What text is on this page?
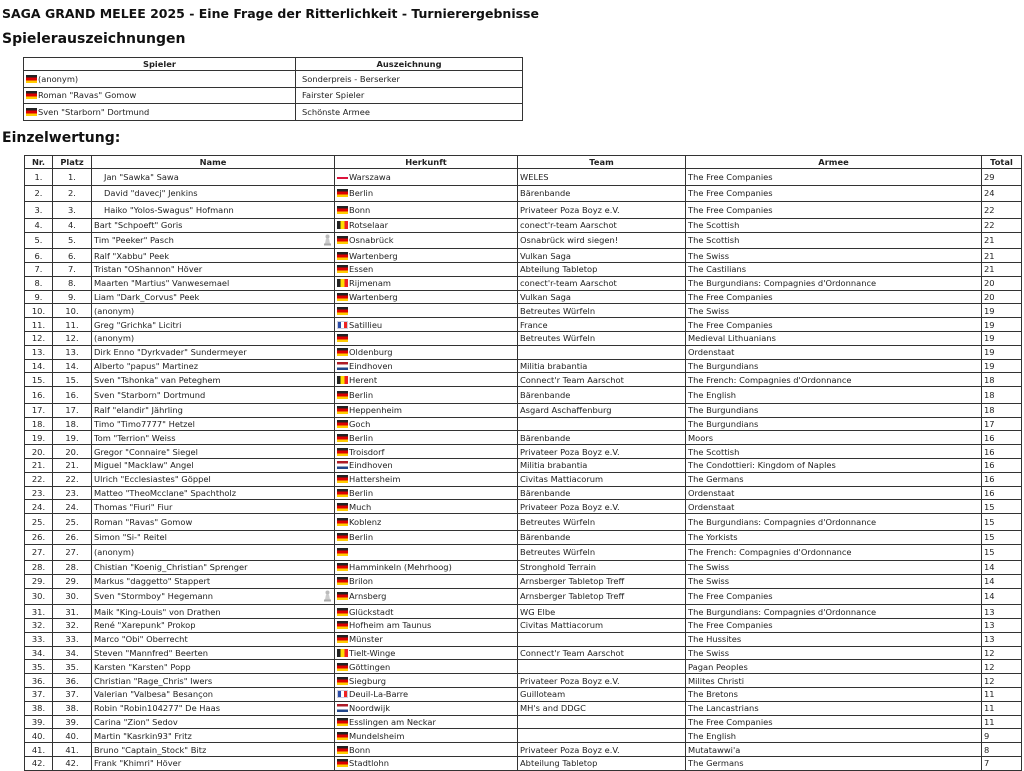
SAGA GRAND MELEE 2025 - Eine Frage der Ritterlichkeit - Turnierergebnisse
Spielerauszeichnungen
Spieler	Auszeichnung
(anonym)	Sonderpreis - Berserker
Roman "Ravas" Gomow	Fairster Spieler
Sven "Starborn" Dortmund	Schönste Armee
Einzelwertung:
Nr.	Platz	Name	Herkunft	Team	Armee	Total
1.	1.	Jan "Sawka" Sawa	Warszawa	WELES	The Free Companies	29
2.	2.	David "davecj" Jenkins	Berlin	Bärenbande	The Free Companies	24
3.	3.	Haiko "Yolos-Swagus" Hofmann	Bonn	Privateer Poza Boyz e.V.	The Free Companies	22
4.	4.	Bart "Schpoeft" Goris	Rotselaar	conect'r-team Aarschot	The Scottish	22
5.	5.	Tim "Peeker" Pasch	Osnabrück	Osnabrück wird siegen!	The Scottish	21
6.	6.	Ralf "Xabbu" Peek	Wartenberg	Vulkan Saga	The Swiss	21
7.	7.	Tristan "OShannon" Höver	Essen	Abteilung Tabletop	The Castilians	21
8.	8.	Maarten "Martius" Vanwesemael	Rijmenam	conect'r-team Aarschot	The Burgundians: Compagnies d'Ordonnance	20
9.	9.	Liam "Dark_Corvus" Peek	Wartenberg	Vulkan Saga	The Free Companies	20
10.	10.	(anonym)		Betreutes Würfeln	The Swiss	19
11.	11.	Greg "Grichka" Licitri	Satillieu	France	The Free Companies	19
12.	12.	(anonym)		Betreutes Würfeln	Medieval Lithuanians	19
13.	13.	Dirk Enno "Dyrkvader" Sundermeyer	Oldenburg		Ordenstaat	19
14.	14.	Alberto "papus" Martinez	Eindhoven	Militia brabantia	The Burgundians	19
15.	15.	Sven "Tshonka" van Peteghem	Herent	Connect'r Team Aarschot	The French: Compagnies d'Ordonnance	18
16.	16.	Sven "Starborn" Dortmund	Berlin	Bärenbande	The English	18
17.	17.	Ralf "elandir" Jährling	Heppenheim	Asgard Aschaffenburg	The Burgundians	18
18.	18.	Timo "Timo7777" Hetzel	Goch		The Burgundians	17
19.	19.	Tom "Terrion" Weiss	Berlin	Bärenbande	Moors	16
20.	20.	Gregor "Connaire" Siegel	Troisdorf	Privateer Poza Boyz e.V.	The Scottish	16
21.	21.	Miguel "Macklaw" Angel	Eindhoven	Militia brabantia	The Condottieri: Kingdom of Naples	16
22.	22.	Ulrich "Ecclesiastes" Göppel	Hattersheim	Civitas Mattiacorum	The Germans	16
23.	23.	Matteo "TheoMcclane" Spachtholz	Berlin	Bärenbande	Ordenstaat	16
24.	24.	Thomas "Fiuri" Fiur	Much	Privateer Poza Boyz e.V.	Ordenstaat	15
25.	25.	Roman "Ravas" Gomow	Koblenz	Betreutes Würfeln	The Burgundians: Compagnies d'Ordonnance	15
26.	26.	Simon "Si-" Reitel	Berlin	Bärenbande	The Yorkists	15
27.	27.	(anonym)		Betreutes Würfeln	The French: Compagnies d'Ordonnance	15
28.	28.	Chistian "Koenig_Christian" Sprenger	Hamminkeln (Mehrhoog)	Stronghold Terrain	The Swiss	14
29.	29.	Markus "daggetto" Stappert	Brilon	Arnsberger Tabletop Treff	The Swiss	14
30.	30.	Sven "Stormboy" Hegemann	Arnsberg	Arnsberger Tabletop Treff	The Free Companies	14
31.	31.	Maik "King-Louis" von Drathen	Glückstadt	WG Elbe	The Burgundians: Compagnies d'Ordonnance	13
32.	32.	René "Xarepunk" Prokop	Hofheim am Taunus	Civitas Mattiacorum	The Free Companies	13
33.	33.	Marco "Obi" Oberrecht	Münster		The Hussites	13
34.	34.	Steven "Mannfred" Beerten	Tielt-Winge	Connect'r Team Aarschot	The Swiss	12
35.	35.	Karsten "Karsten" Popp	Göttingen		Pagan Peoples	12
36.	36.	Christian "Rage_Chris" Iwers	Siegburg	Privateer Poza Boyz e.V.	Milites Christi	12
37.	37.	Valerian "Valbesa" Besançon	Deuil-La-Barre	Guilloteam	The Bretons	11
38.	38.	Robin "Robin104277" De Haas	Noordwijk	MH's and DDGC	The Lancastrians	11
39.	39.	Carina "Zion" Sedov	Esslingen am Neckar		The Free Companies	11
40.	40.	Martin "Kasrkin93" Fritz	Mundelsheim		The English	9
41.	41.	Bruno "Captain_Stock" Bitz	Bonn	Privateer Poza Boyz e.V.	Mutatawwi'a	8
42.	42.	Frank "Khimri" Höver	Stadtlohn	Abteilung Tabletop	The Germans	7
